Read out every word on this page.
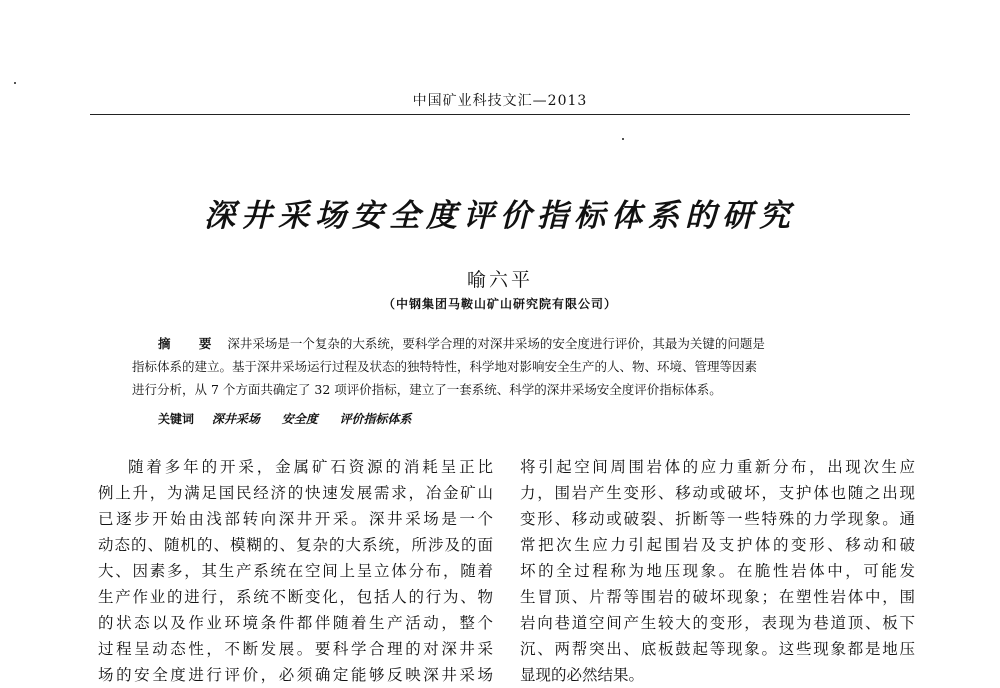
中国矿业科技文汇—2013
深井采场安全度评价指标体系的研究
喻六平
（中钢集团马鞍山矿山研究院有限公司）
摘 要 深井采场是一个复杂的大系统，要科学合理的对深井采场的安全度进行评价，其最为关键的问题是
指标体系的建立。基于深井采场运行过程及状态的独特特性，科学地对影响安全生产的人、物、环境、管理等因素
进行分析，从 7 个方面共确定了 32 项评价指标，建立了一套系统、科学的深井采场安全度评价指标体系。
关键词 深井采场 安全度 评价指标体系
随着多年的开采，金属矿石资源的消耗呈正比
例上升，为满足国民经济的快速发展需求，冶金矿山
已逐步开始由浅部转向深井开采。深井采场是一个
动态的、随机的、模糊的、复杂的大系统，所涉及的面
大、因素多，其生产系统在空间上呈立体分布，随着
生产作业的进行，系统不断变化，包括人的行为、物
的状态以及作业环境条件都伴随着生产活动，整个
过程呈动态性，不断发展。要科学合理的对深井采
场的安全度进行评价，必须确定能够反映深井采场
将引起空间周围岩体的应力重新分布，出现次生应
力，围岩产生变形、移动或破坏，支护体也随之出现
变形、移动或破裂、折断等一些特殊的力学现象。通
常把次生应力引起围岩及支护体的变形、移动和破
坏的全过程称为地压现象。在脆性岩体中，可能发
生冒顶、片帮等围岩的破坏现象；在塑性岩体中，围
岩向巷道空间产生较大的变形，表现为巷道顶、板下
沉、两帮突出、底板鼓起等现象。这些现象都是地压
显现的必然结果。
